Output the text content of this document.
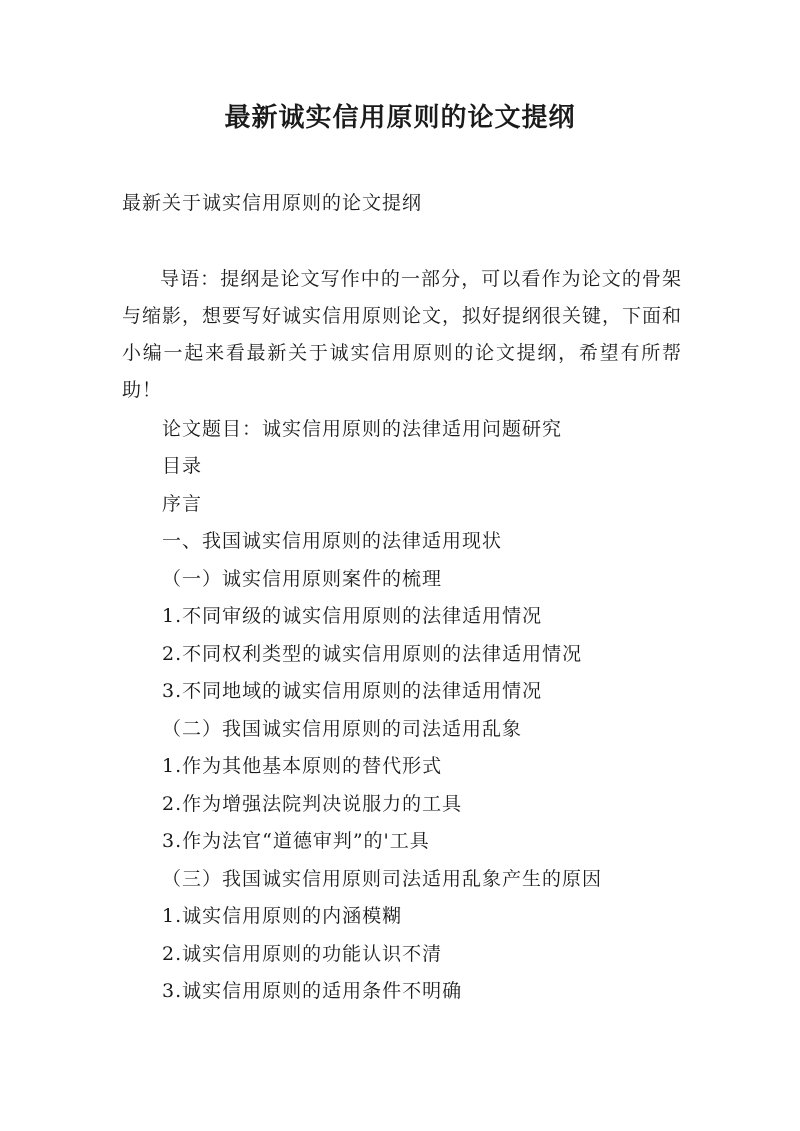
最新诚实信用原则的论文提纲
最新关于诚实信用原则的论文提纲

导语：提纲是论文写作中的一部分，可以看作为论文的骨架与缩影，想要写好诚实信用原则论文，拟好提纲很关键，下面和小编一起来看最新关于诚实信用原则的论文提纲，希望有所帮助！

论文题目：诚实信用原则的法律适用问题研究
目录
序言
一、我国诚实信用原则的法律适用现状
（一）诚实信用原则案件的梳理
1.不同审级的诚实信用原则的法律适用情况
2.不同权利类型的诚实信用原则的法律适用情况
3.不同地域的诚实信用原则的法律适用情况
（二）我国诚实信用原则的司法适用乱象
1.作为其他基本原则的替代形式
2.作为增强法院判决说服力的工具
3.作为法官“道德审判”的'工具
（三）我国诚实信用原则司法适用乱象产生的原因
1.诚实信用原则的内涵模糊
2.诚实信用原则的功能认识不清
3.诚实信用原则的适用条件不明确
